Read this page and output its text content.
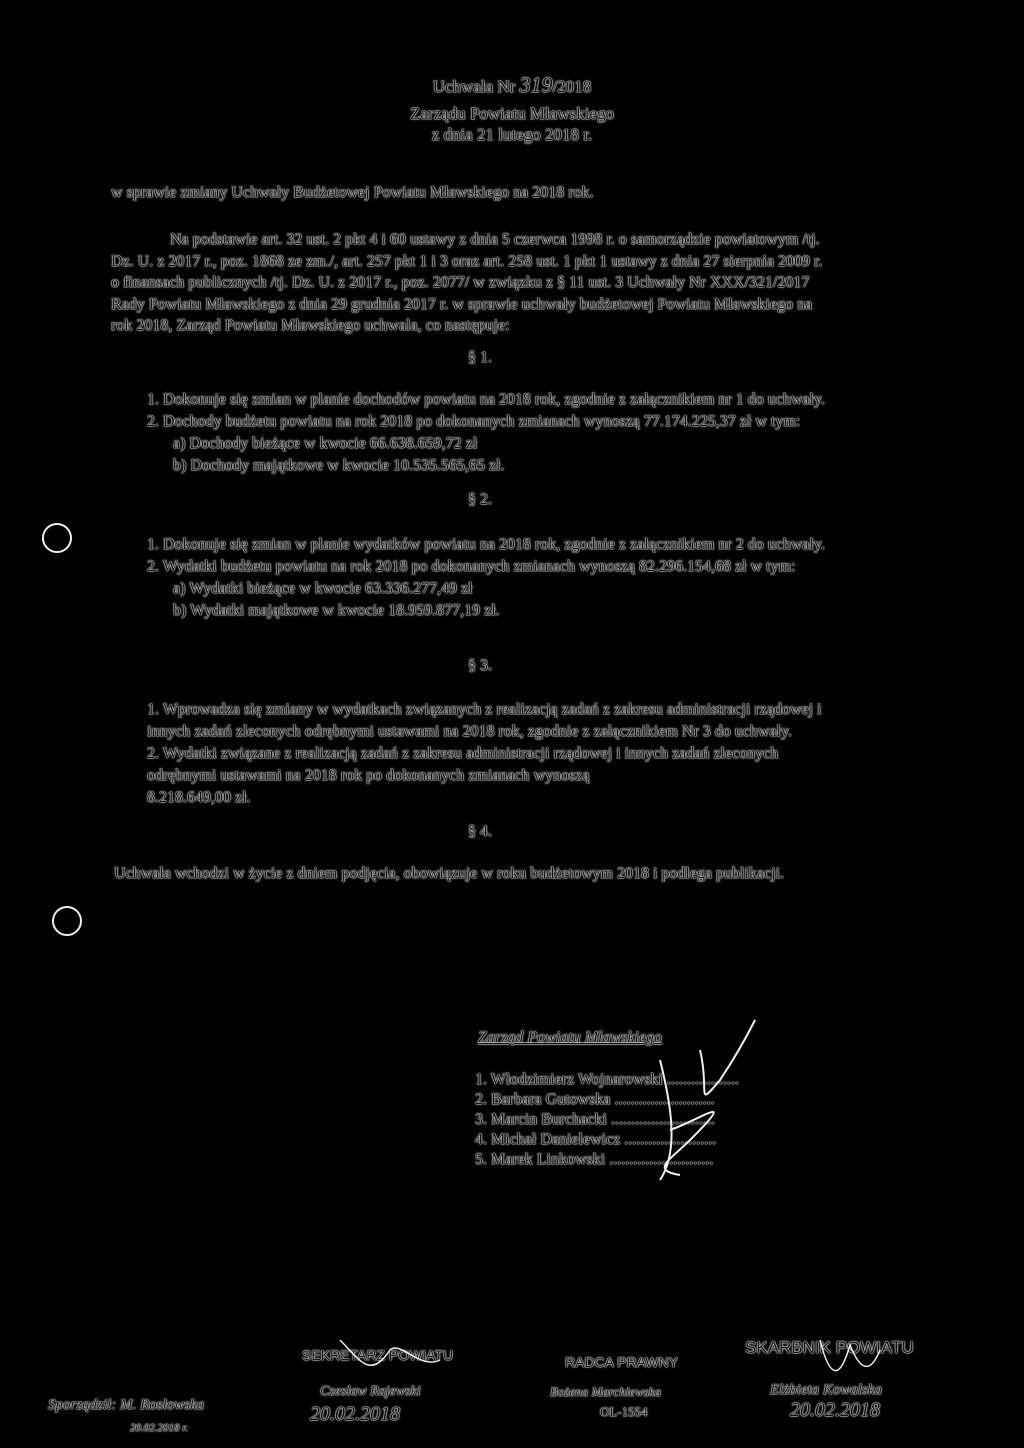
Uchwała Nr 319/2018
Zarządu Powiatu Mławskiego
z dnia 21 lutego 2018 r.
w sprawie zmiany Uchwały Budżetowej Powiatu Mławskiego na 2018 rok.
Na podstawie art. 32 ust. 2 pkt 4 i 60 ustawy z dnia 5 czerwca 1998 r. o samorządzie powiatowym /tj.
Dz. U. z 2017 r., poz. 1868 ze zm./, art. 257 pkt 1 i 3 oraz art. 258 ust. 1 pkt 1 ustawy z dnia 27 sierpnia 2009 r.
o finansach publicznych /tj. Dz. U. z 2017 r., poz. 2077/ w związku z § 11 ust. 3 Uchwały Nr XXX/321/2017
Rady Powiatu Mławskiego z dnia 29 grudnia 2017 r. w sprawie uchwały budżetowej Powiatu Mławskiego na
rok 2018, Zarząd Powiatu Mławskiego uchwala, co następuje:
§ 1.
1. Dokonuje się zmian w planie dochodów powiatu na 2018 rok, zgodnie z załącznikiem nr 1 do uchwały.
2. Dochody budżetu powiatu na rok 2018 po dokonanych zmianach wynoszą 77.174.225,37 zł w tym:
a) Dochody bieżące w kwocie 66.638.659,72 zł
b) Dochody majątkowe w kwocie 10.535.565,65 zł.
§ 2.
1. Dokonuje się zmian w planie wydatków powiatu na 2018 rok, zgodnie z załącznikiem nr 2 do uchwały.
2. Wydatki budżetu powiatu na rok 2018 po dokonanych zmianach wynoszą 82.296.154,68 zł w tym:
a) Wydatki bieżące w kwocie 63.336.277,49 zł
b) Wydatki majątkowe w kwocie 18.959.877,19 zł.
§ 3.
1. Wprowadza się zmiany w wydatkach związanych z realizacją zadań z zakresu administracji rządowej i
innych zadań zleconych odrębnymi ustawami na 2018 rok, zgodnie z załącznikiem Nr 3 do uchwały.
2. Wydatki związane z realizacją zadań z zakresu administracji rządowej i innych zadań zleconych
odrębnymi ustawami na 2018 rok po dokonanych zmianach wynoszą
8.218.649,00 zł.
§ 4.
Uchwała wchodzi w życie z dniem podjęcia, obowiązuje w roku budżetowym 2018 i podlega publikacji.
Zarząd Powiatu Mławskiego
1. Włodzimierz Wojnarowski ..................
2. Barbara Gutowska .........................
3. Marcin Burchacki ..........................
4. Michał Danielewicz .......................
5. Marek Linkowski ..........................
SEKRETARZ POWIATU
Czesław Rajewski
20.02.2018
RADCA PRAWNY
Bożena Marchlewska
OL-1554
SKARBNIK POWIATU
Elżbieta Kowalska
20.02.2018
Sporządził: M. Rosłowska
20.02.2018 r.
